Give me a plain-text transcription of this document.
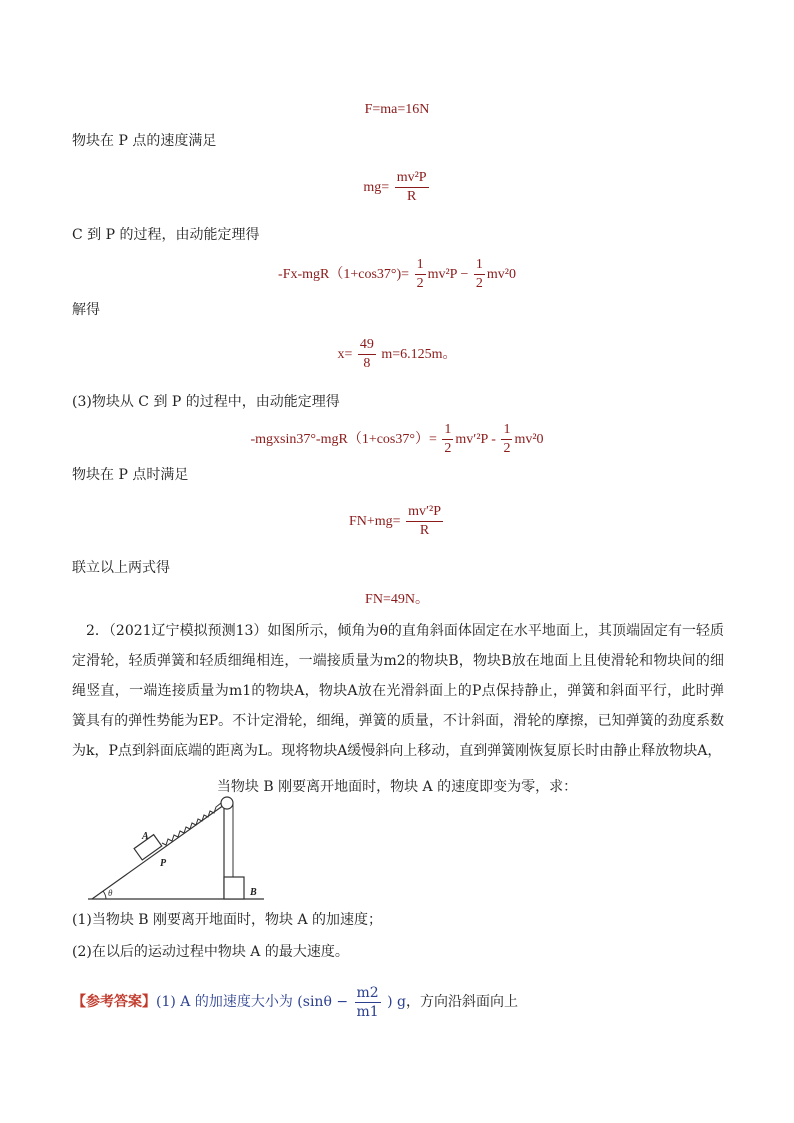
F=ma=16N
物块在 P 点的速度满足
$mg= \frac{\text{mv²P}}{R}$
C 到 P 的过程，由动能定理得
$-Fx-mgR(1+\cos 37^\circ)= \frac{1}{2} mv^2P - \frac{1}{2} mv^20$
解得
$x= \frac{49}{8} m=6.125m$。
(3)物块从 C 到 P 的过程中，由动能定理得
$-mgxsin37^\circ-mgR(1+\cos 37^\circ)= \frac{1}{2} mv'^2P - \frac{1}{2} mv^20$
物块在 P 点时满足
$FN+mg= \frac{\text{mv′²P}}{R}$
联立以上两式得
FN=49N。
2．（2021辽宁模拟预测13）如图所示，倾角为θ的直角斜面体固定在水平地面上，其顶端固定有一轻质定滑轮，轻质弹簧和轻质细绳相连，一端接质量为m2的物块B，物块B放在地面上且使滑轮和物块间的细绳竖直，一端连接质量为m1的物块A，物块A放在光滑斜面上的P点保持静止，弹簧和斜面平行，此时弹簧具有的弹性势能为EP。不计定滑轮，细绳，弹簧的质量，不计斜面，滑轮的摩擦，已知弹簧的劲度系数为k，P点到斜面底端的距离为L。现将物块A缓慢斜向上移动，直到弹簧刚恢复原长时由静止释放物块A，
当物块 B 刚要离开地面时，物块 A 的速度即变为零，求：
θ
A
P
B
(1)当物块 B 刚要离开地面时，物块 A 的加速度；
(2)在以后的运动过程中物块 A 的最大速度。
【参考答案】(1) A 的加速度大小为 ($\sin\theta - \frac{m2}{m1}$ ) g，方向沿斜面向上
